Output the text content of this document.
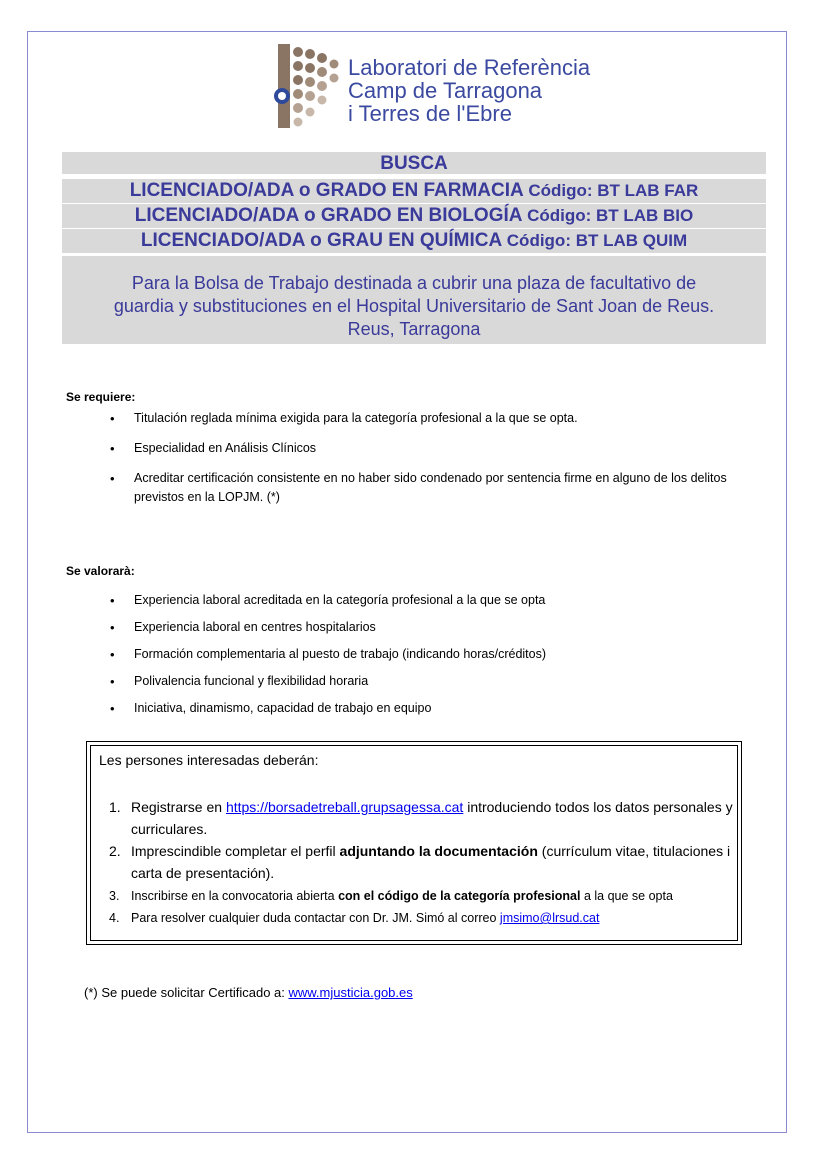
Laboratori de Referència
Camp de Tarragona
i Terres de l'Ebre
BUSCA
LICENCIADO/ADA o GRADO EN FARMACIA Código: BT LAB FAR
LICENCIADO/ADA o GRADO EN BIOLOGÍA Código: BT LAB BIO
LICENCIADO/ADA o GRAU EN QUÍMICA Código: BT LAB QUIM
Para la Bolsa de Trabajo destinada a cubrir una plaza de facultativo de
guardia y substituciones en el Hospital Universitario de Sant Joan de Reus.
Reus, Tarragona
Se requiere:
• Titulación reglada mínima exigida para la categoría profesional a la que se opta.
• Especialidad en Análisis Clínicos
• Acreditar certificación consistente en no haber sido condenado por sentencia firme en alguno de los delitos previstos en la LOPJM. (*)
Se valorarà:
• Experiencia laboral acreditada en la categoría profesional a la que se opta
• Experiencia laboral en centres hospitalarios
• Formación complementaria al puesto de trabajo (indicando horas/créditos)
• Polivalencia funcional y flexibilidad horaria
• Iniciativa, dinamismo, capacidad de trabajo en equipo
Les persones interesadas deberán:
1. Registrarse en https://borsadetreball.grupsagessa.cat introduciendo todos los datos personales y curriculares.
2. Imprescindible completar el perfil adjuntando la documentación (currículum vitae, titulaciones i carta de presentación).
3. Inscribirse en la convocatoria abierta con el código de la categoría profesional a la que se opta
4. Para resolver cualquier duda contactar con Dr. JM. Simó al correo jmsimo@lrsud.cat
(*) Se puede solicitar Certificado a: www.mjusticia.gob.es
